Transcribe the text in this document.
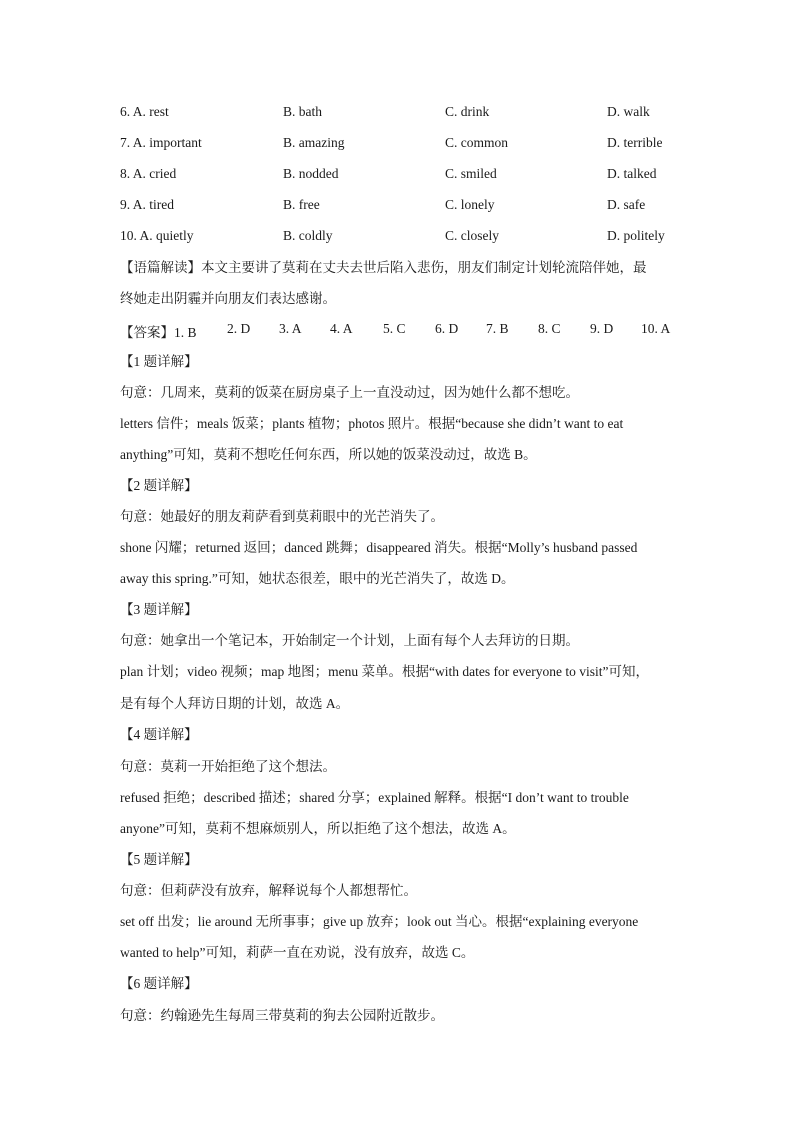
6. A. rest	B. bath	C. drink	D. walk
7. A. important	B. amazing	C. common	D. terrible
8. A. cried	B. nodded	C. smiled	D. talked
9. A. tired	B. free	C. lonely	D. safe
10. A. quietly	B. coldly	C. closely	D. politely
【语篇解读】本文主要讲了莫莉在丈夫去世后陷入悲伤，朋友们制定计划轮流陪伴她，最
终她走出阴霾并向朋友们表达感谢。
【答案】1. B 2. D 3. A 4. A 5. C 6. D 7. B 8. C 9. D 10. A
【1 题详解】
句意：几周来，莫莉的饭菜在厨房桌子上一直没动过，因为她什么都不想吃。
letters 信件；meals 饭菜；plants 植物；photos 照片。根据“because she didn’t want to eat
anything”可知，莫莉不想吃任何东西，所以她的饭菜没动过，故选 B。
【2 题详解】
句意：她最好的朋友莉萨看到莫莉眼中的光芒消失了。
shone 闪耀；returned 返回；danced 跳舞；disappeared 消失。根据“Molly’s husband passed
away this spring.”可知，她状态很差，眼中的光芒消失了，故选 D。
【3 题详解】
句意：她拿出一个笔记本，开始制定一个计划，上面有每个人去拜访的日期。
plan 计划；video 视频；map 地图；menu 菜单。根据“with dates for everyone to visit”可知，
是有每个人拜访日期的计划，故选 A。
【4 题详解】
句意：莫莉一开始拒绝了这个想法。
refused 拒绝；described 描述；shared 分享；explained 解释。根据“I don’t want to trouble
anyone”可知，莫莉不想麻烦别人，所以拒绝了这个想法，故选 A。
【5 题详解】
句意：但莉萨没有放弃，解释说每个人都想帮忙。
set off 出发；lie around 无所事事；give up 放弃；look out 当心。根据“explaining everyone
wanted to help”可知，莉萨一直在劝说，没有放弃，故选 C。
【6 题详解】
句意：约翰逊先生每周三带莫莉的狗去公园附近散步。
